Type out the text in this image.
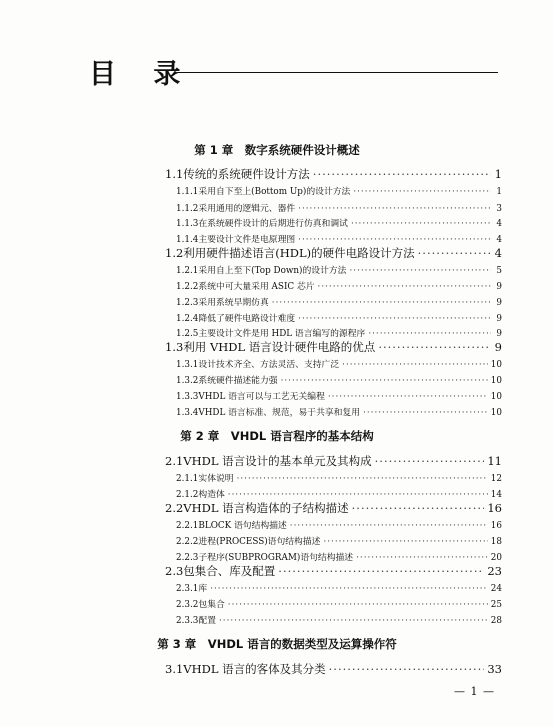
目 录
第 1 章　数字系统硬件设计概述
1.1 传统的系统硬件设计方法 ·····	1
1.1.1 采用自下至上(Bottom Up)的设计方法 ·····	1
1.1.2 采用通用的逻辑元、器件 ·····	3
1.1.3 在系统硬件设计的后期进行仿真和调试 ·····	4
1.1.4 主要设计文件是电原理图 ·····	4
1.2 利用硬件描述语言(HDL)的硬件电路设计方法 ·····	4
1.2.1 采用自上至下(Top Down)的设计方法 ·····	5
1.2.2 系统中可大量采用 ASIC 芯片 ·····	9
1.2.3 采用系统早期仿真 ·····	9
1.2.4 降低了硬件电路设计难度 ·····	9
1.2.5 主要设计文件是用 HDL 语言编写的源程序 ·····	9
1.3 利用 VHDL 语言设计硬件电路的优点 ·····	9
1.3.1 设计技术齐全、方法灵活、支持广泛 ·····	10
1.3.2 系统硬件描述能力强 ·····	10
1.3.3 VHDL 语言可以与工艺无关编程 ·····	10
1.3.4 VHDL 语言标准、规范，易于共享和复用 ·····	10
第 2 章　VHDL 语言程序的基本结构
2.1 VHDL 语言设计的基本单元及其构成 ·····	11
2.1.1 实体说明 ·····	12
2.1.2 构造体 ·····	14
2.2 VHDL 语言构造体的子结构描述 ·····	16
2.2.1 BLOCK 语句结构描述 ·····	16
2.2.2 进程(PROCESS)语句结构描述 ·····	18
2.2.3 子程序(SUBPROGRAM)语句结构描述 ·····	20
2.3 包集合、库及配置 ·····	23
2.3.1 库 ·····	24
2.3.2 包集合 ·····	25
2.3.3 配置 ·····	28
第 3 章　VHDL 语言的数据类型及运算操作符
3.1 VHDL 语言的客体及其分类 ·····	33
— 1 —
